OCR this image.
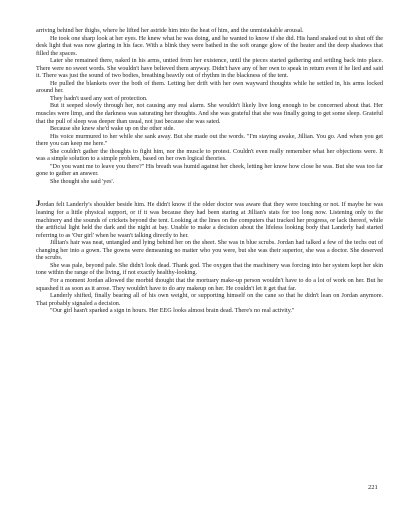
arriving behind her thighs, where he lifted her astride him into the heat of him, and the unmistakable arousal.

He took one sharp look at her eyes. He knew what he was doing, and he wanted to know if she did. His hand snaked out to shut off the desk light that was now glaring in his face. With a blink they were bathed in the soft orange glow of the heater and the deep shadows that filled the spaces.

Later she remained there, naked in his arms, untied from her existence, until the pieces started gathering and settling back into place. There were no sweet words. She wouldn't have believed them anyway. Didn't have any of her own to speak in return even if he lied and said it. There was just the sound of two bodies, breathing heavily out of rhythm in the blackness of the tent.

He pulled the blankets over the both of them. Letting her drift with her own wayward thoughts while he settled in, his arms locked around her.

They hadn't used any sort of protection.

But it seeped slowly through her, not causing any real alarm. She wouldn't likely live long enough to be concerned about that. Her muscles were limp, and the darkness was saturating her thoughts. And she was grateful that she was finally going to get some sleep. Grateful that the pull of sleep was deeper than usual, not just because she was sated.

Because she knew she'd wake up on the other side.

His voice murmured to her while she sank away. But she made out the words. "I'm staying awake, Jillian. You go. And when you get there you can keep me here."

She couldn't gather the thoughts to fight him, nor the muscle to protest. Couldn't even really remember what her objections were. It was a simple solution to a simple problem, based on her own logical theories.

"Do you want me to leave you there?" His breath was humid against her cheek, letting her know how close he was. But she was too far gone to gather an answer.

She thought she said 'yes'.

Jordan felt Landerly's shoulder beside him. He didn't know if the older doctor was aware that they were touching or not. If maybe he was leaning for a little physical support, or if it was because they had been staring at Jillian's stats for too long now. Listening only to the machinery and the sounds of crickets beyond the tent. Looking at the lines on the computers that tracked her progress, or lack thereof, while the artificial light held the dark and the night at bay. Unable to make a decision about the lifeless looking body that Landerly had started referring to as 'Our girl' when he wasn't talking directly to her.

Jillian's hair was neat, untangled and lying behind her on the sheet. She was in blue scrubs. Jordan had talked a few of the techs out of changing her into a gown. The gowns were demeaning no matter who you were, but she was their superior, she was a doctor. She deserved the scrubs.

She was pale, beyond pale. She didn't look dead. Thank god. The oxygen that the machinery was forcing into her system kept her skin tone within the range of the living, if not exactly healthy-looking.

For a moment Jordan allowed the morbid thought that the mortuary make-up person wouldn't have to do a lot of work on her. But he squashed it as soon as it arose. They wouldn't have to do any makeup on her. He couldn't let it get that far.

Landerly shifted, finally bearing all of his own weight, or supporting himself on the cane so that he didn't lean on Jordan anymore. That probably signaled a decision.

"Our girl hasn't sparked a sign in hours. Her EEG looks almost brain dead. There's no real activity."

221
